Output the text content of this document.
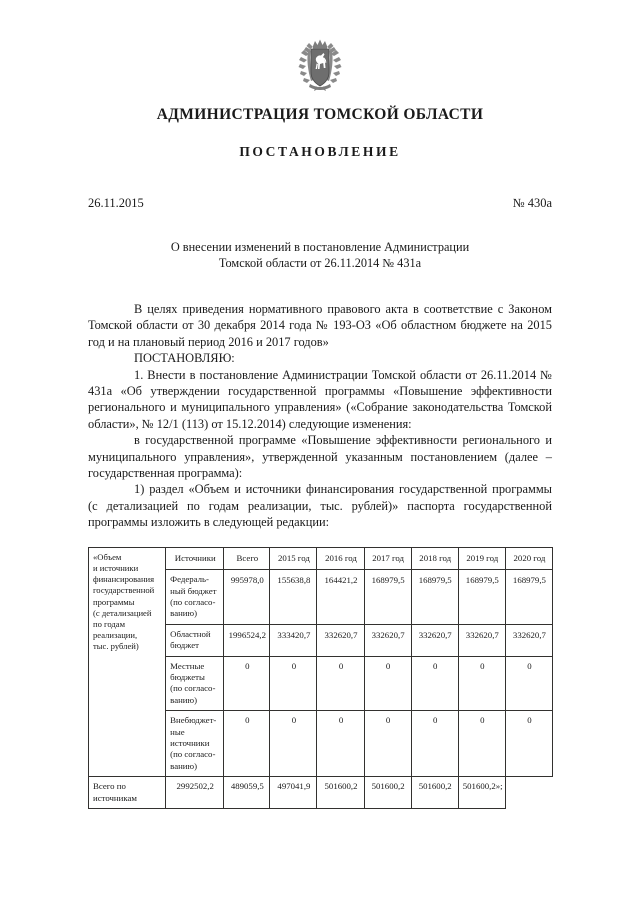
АДМИНИСТРАЦИЯ ТОМСКОЙ ОБЛАСТИ
ПОСТАНОВЛЕНИЕ
26.11.2015	№ 430а
О внесении изменений в постановление Администрации
Томской области от 26.11.2014 № 431а

В целях приведения нормативного правового акта в соответствие с Законом Томской области от 30 декабря 2014 года № 193-ОЗ «Об областном бюджете на 2015 год и на плановый период 2016 и 2017 годов»

ПОСТАНОВЛЯЮ:

1. Внести в постановление Администрации Томской области от 26.11.2014 № 431а «Об утверждении государственной программы «Повышение эффективности регионального и муниципального управления» («Собрание законодательства Томской области», № 12/1 (113) от 15.12.2014) следующие изменения:

в государственной программе «Повышение эффективности регионального и муниципального управления», утвержденной указанным постановлением (далее – государственная программа):

1) раздел «Объем и источники финансирования государственной программы (с детализацией по годам реализации, тыс. рублей)» паспорта государственной программы изложить в следующей редакции:

«Объем
и источники
финансирования
государственной
программы
(с детализацией
по годам
реализации,
тыс. рублей)
	Источники	Всего	2015 год	2016 год	2017 год	2018 год	2019 год	2020 год

	Федераль-
ный бюджет
(по согласо-
ванию)	995978,0	155638,8	164421,2	168979,5	168979,5	168979,5	168979,5

	Областной
бюджет	1996524,2	333420,7	332620,7	332620,7	332620,7	332620,7	332620,7

	Местные
бюджеты
(по согласо-
ванию)	0	0	0	0	0	0	0

	Внебюджет-
ные
источники
(по согласо-
ванию)	0	0	0	0	0	0	0

Всего по
источникам	2992502,2	489059,5	497041,9	501600,2	501600,2	501600,2	501600,2»;	
